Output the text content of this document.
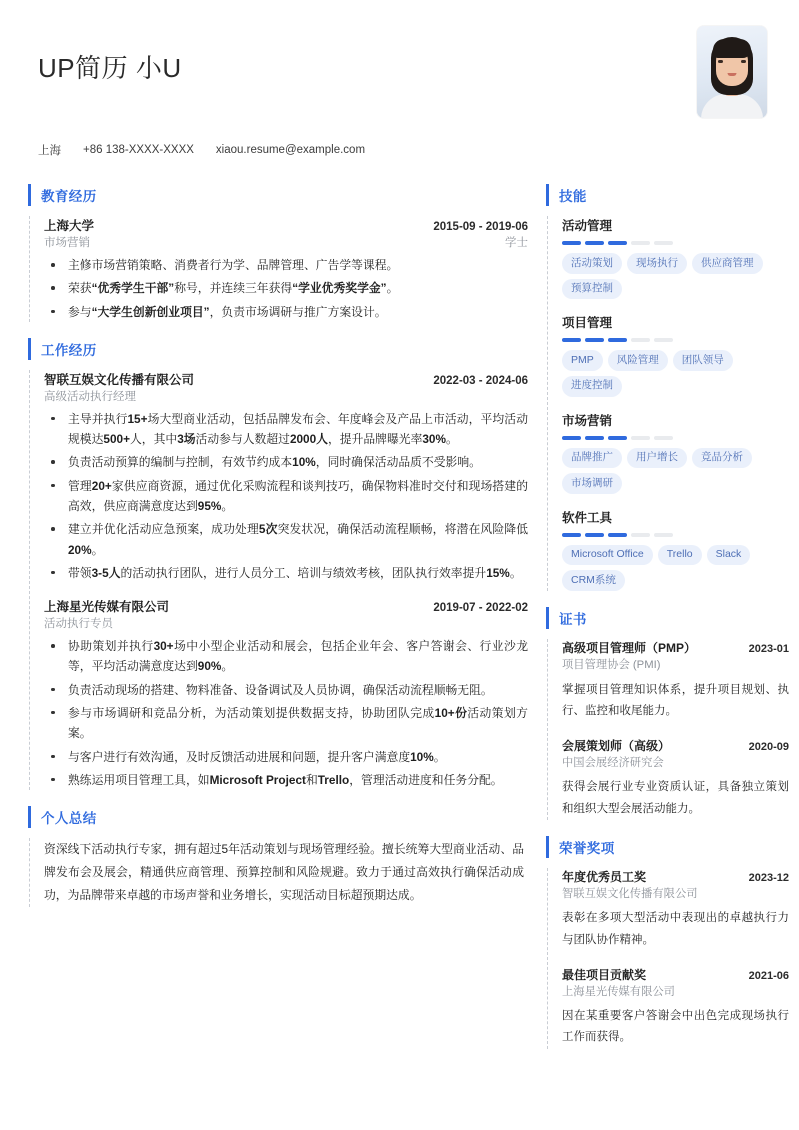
UP简历 小U
上海 +86 138-XXXX-XXXX xiaou.resume@example.com
教育经历
上海大学	2015-09 - 2019-06
市场营销	学士
主修市场营销策略、消费者行为学、品牌管理、广告学等课程。
荣获“优秀学生干部”称号，并连续三年获得“学业优秀奖学金”。
参与“大学生创新创业项目”，负责市场调研与推广方案设计。
工作经历
智联互娱文化传播有限公司	2022-03 - 2024-06
高级活动执行经理
主导并执行15+场大型商业活动，包括品牌发布会、年度峰会及产品上市活动，平均活动规模达500+人，其中3场活动参与人数超过2000人，提升品牌曝光率30%。
负责活动预算的编制与控制，有效节约成本10%，同时确保活动品质不受影响。
管理20+家供应商资源，通过优化采购流程和谈判技巧，确保物料准时交付和现场搭建的高效，供应商满意度达到95%。
建立并优化活动应急预案，成功处理5次突发状况，确保活动流程顺畅，将潜在风险降低20%。
带领3-5人的活动执行团队，进行人员分工、培训与绩效考核，团队执行效率提升15%。
上海星光传媒有限公司	2019-07 - 2022-02
活动执行专员
协助策划并执行30+场中小型企业活动和展会，包括企业年会、客户答谢会、行业沙龙等，平均活动满意度达到90%。
负责活动现场的搭建、物料准备、设备调试及人员协调，确保活动流程顺畅无阻。
参与市场调研和竞品分析，为活动策划提供数据支持，协助团队完成10+份活动策划方案。
与客户进行有效沟通，及时反馈活动进展和问题，提升客户满意度10%。
熟练运用项目管理工具，如Microsoft Project和Trello，管理活动进度和任务分配。
个人总结
资深线下活动执行专家，拥有超过5年活动策划与现场管理经验。擅长统筹大型商业活动、品牌发布会及展会，精通供应商管理、预算控制和风险规避。致力于通过高效执行确保活动成功，为品牌带来卓越的市场声誉和业务增长，实现活动目标超预期达成。
技能
活动管理
活动策划	现场执行	供应商管理
预算控制
项目管理
PMP	风险管理	团队领导
进度控制
市场营销
品牌推广	用户增长	竞品分析
市场调研
软件工具
Microsoft Office	Trello	Slack
CRM系统
证书
高级项目管理师（PMP）	2023-01
项目管理协会 (PMI)
掌握项目管理知识体系，提升项目规划、执行、监控和收尾能力。
会展策划师（高级）	2020-09
中国会展经济研究会
获得会展行业专业资质认证，具备独立策划和组织大型会展活动能力。
荣誉奖项
年度优秀员工奖	2023-12
智联互娱文化传播有限公司
表彰在多项大型活动中表现出的卓越执行力与团队协作精神。
最佳项目贡献奖	2021-06
上海星光传媒有限公司
因在某重要客户答谢会中出色完成现场执行工作而获得。
